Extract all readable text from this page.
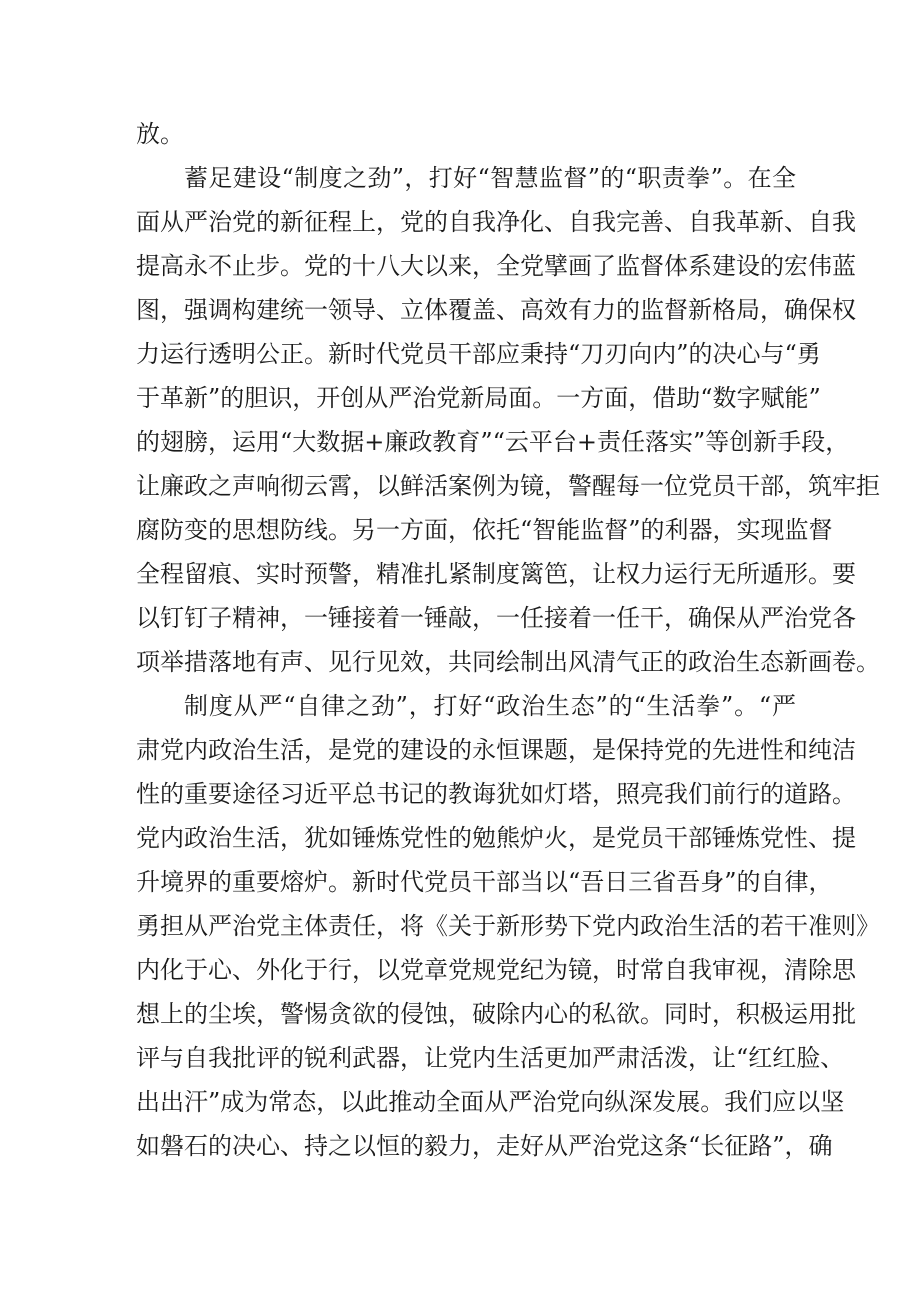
放。
蓄足建设“制度之劲”，打好“智慧监督”的“职责拳”。在全
面从严治党的新征程上，党的自我净化、自我完善、自我革新、自我
提高永不止步。党的十八大以来，全党擘画了监督体系建设的宏伟蓝
图，强调构建统一领导、立体覆盖、高效有力的监督新格局，确保权
力运行透明公正。新时代党员干部应秉持“刀刃向内”的决心与“勇
于革新”的胆识，开创从严治党新局面。一方面，借助“数字赋能”
的翅膀，运用“大数据+廉政教育”“云平台+责任落实”等创新手段，
让廉政之声响彻云霄，以鲜活案例为镜，警醒每一位党员干部，筑牢拒
腐防变的思想防线。另一方面，依托“智能监督”的利器，实现监督
全程留痕、实时预警，精准扎紧制度篱笆，让权力运行无所遁形。要
以钉钉子精神，一锤接着一锤敲，一任接着一任干，确保从严治党各
项举措落地有声、见行见效，共同绘制出风清气正的政治生态新画卷。
制度从严“自律之劲”，打好“政治生态”的“生活拳”。“严
肃党内政治生活，是党的建设的永恒课题，是保持党的先进性和纯洁
性的重要途径习近平总书记的教诲犹如灯塔，照亮我们前行的道路。
党内政治生活，犹如锤炼党性的勉熊炉火，是党员干部锤炼党性、提
升境界的重要熔炉。新时代党员干部当以“吾日三省吾身”的自律，
勇担从严治党主体责任，将《关于新形势下党内政治生活的若干准则》
内化于心、外化于行，以党章党规党纪为镜，时常自我审视，清除思
想上的尘埃，警惕贪欲的侵蚀，破除内心的私欲。同时，积极运用批
评与自我批评的锐利武器，让党内生活更加严肃活泼，让“红红脸、
出出汗”成为常态，以此推动全面从严治党向纵深发展。我们应以坚
如磐石的决心、持之以恒的毅力，走好从严治党这条“长征路”，确
